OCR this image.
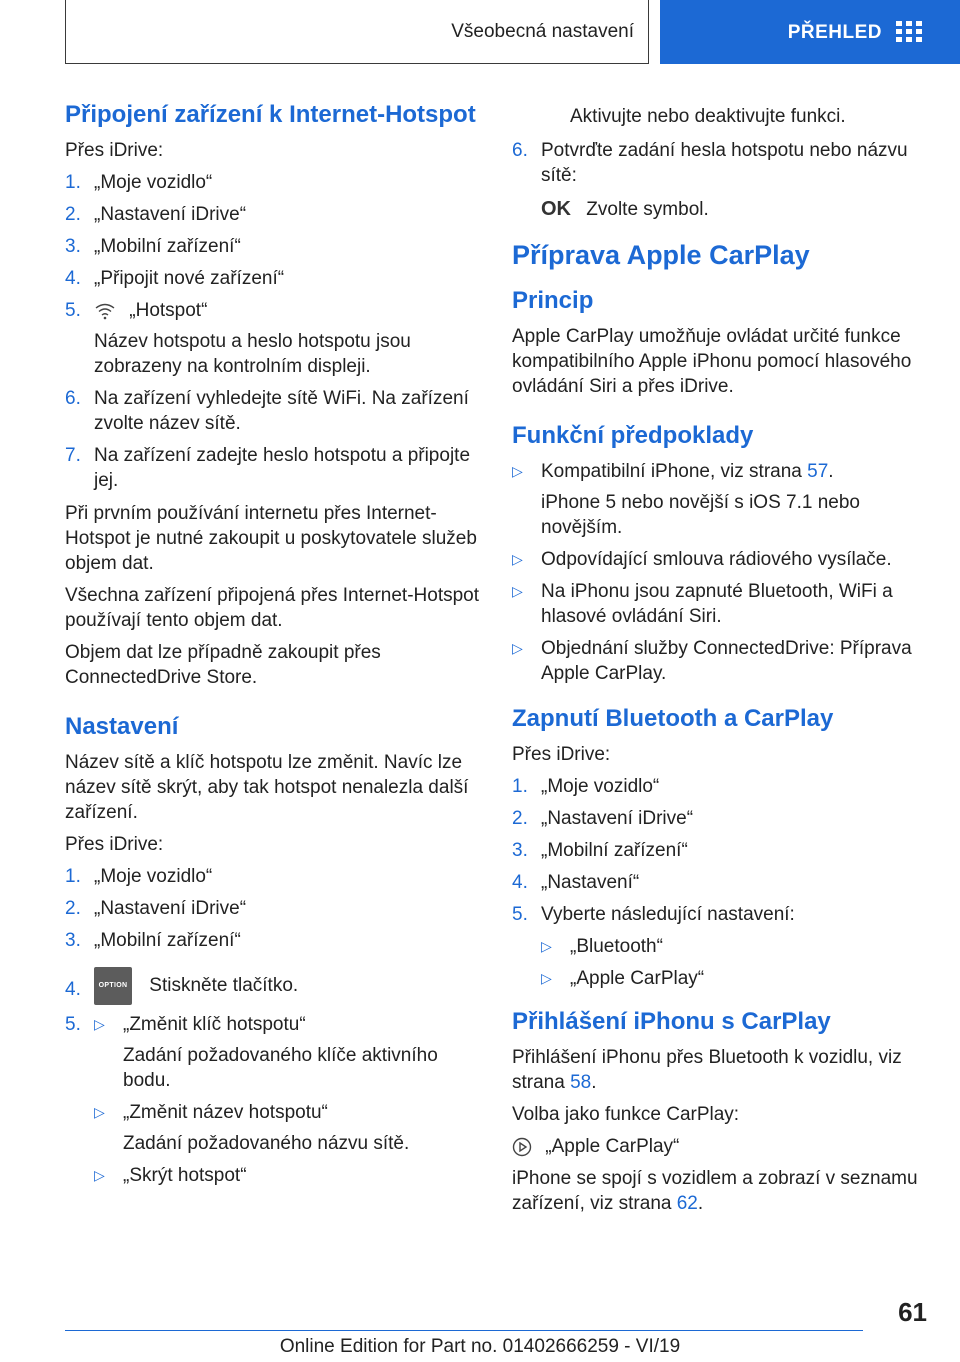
Všeobecná nastavení	PŘEHLED
Připojení zařízení k Internet-Hotspot

Přes iDrive:

1. „Moje vozidlo“
2. „Nastavení iDrive“
3. „Mobilní zařízení“
4. „Připojit nové zařízení“
5.	„Hotspot“
Název hotspotu a heslo hotspotu jsou zobrazeny na kontrolním displeji.
6. Na zařízení vyhledejte sítě WiFi. Na zařízení zvolte název sítě.
7. Na zařízení zadejte heslo hotspotu a připojte jej.

Při prvním používání internetu přes Internet-Hotspot je nutné zakoupit u poskytovatele služeb objem dat.

Všechna zařízení připojená přes Internet-Hotspot používají tento objem dat.

Objem dat lze případně zakoupit přes ConnectedDrive Store.

Nastavení

Název sítě a klíč hotspotu lze změnit. Navíc lze název sítě skrýt, aby tak hotspot nenalezla další zařízení.

Přes iDrive:

1. „Moje vozidlo“
2. „Nastavení iDrive“
3. „Mobilní zařízení“
4.	OPTION Stiskněte tlačítko.
5. ▷ „Změnit klíč hotspotu“
Zadání požadovaného klíče aktivního bodu.
▷ „Změnit název hotspotu“
Zadání požadovaného názvu sítě.
▷ „Skrýt hotspot“
Aktivujte nebo deaktivujte funkci.
6. Potvrďte zadání hesla hotspotu nebo názvu sítě:
OK Zvolte symbol.
Příprava Apple CarPlay
Princip

Apple CarPlay umožňuje ovládat určité funkce kompatibilního Apple iPhonu pomocí hlasového ovládání Siri a přes iDrive.

Funkční předpoklady
▷ Kompatibilní iPhone, viz strana 57.
iPhone 5 nebo novější s iOS 7.1 nebo novějším.
▷ Odpovídající smlouva rádiového vysílače.
▷ Na iPhonu jsou zapnuté Bluetooth, WiFi a hlasové ovládání Siri.
▷ Objednání služby ConnectedDrive: Příprava Apple CarPlay.
Zapnutí Bluetooth a CarPlay

Přes iDrive:

1. „Moje vozidlo“
2. „Nastavení iDrive“
3. „Mobilní zařízení“
4. „Nastavení“
5. Vyberte následující nastavení:
▷ „Bluetooth“
▷ „Apple CarPlay“
Přihlášení iPhonu s CarPlay

Přihlášení iPhonu přes Bluetooth k vozidlu, viz strana 58.

Volba jako funkce CarPlay:

„Apple CarPlay“

iPhone se spojí s vozidlem a zobrazí v seznamu zařízení, viz strana 62.

61
Online Edition for Part no. 01402666259 - VI/19
